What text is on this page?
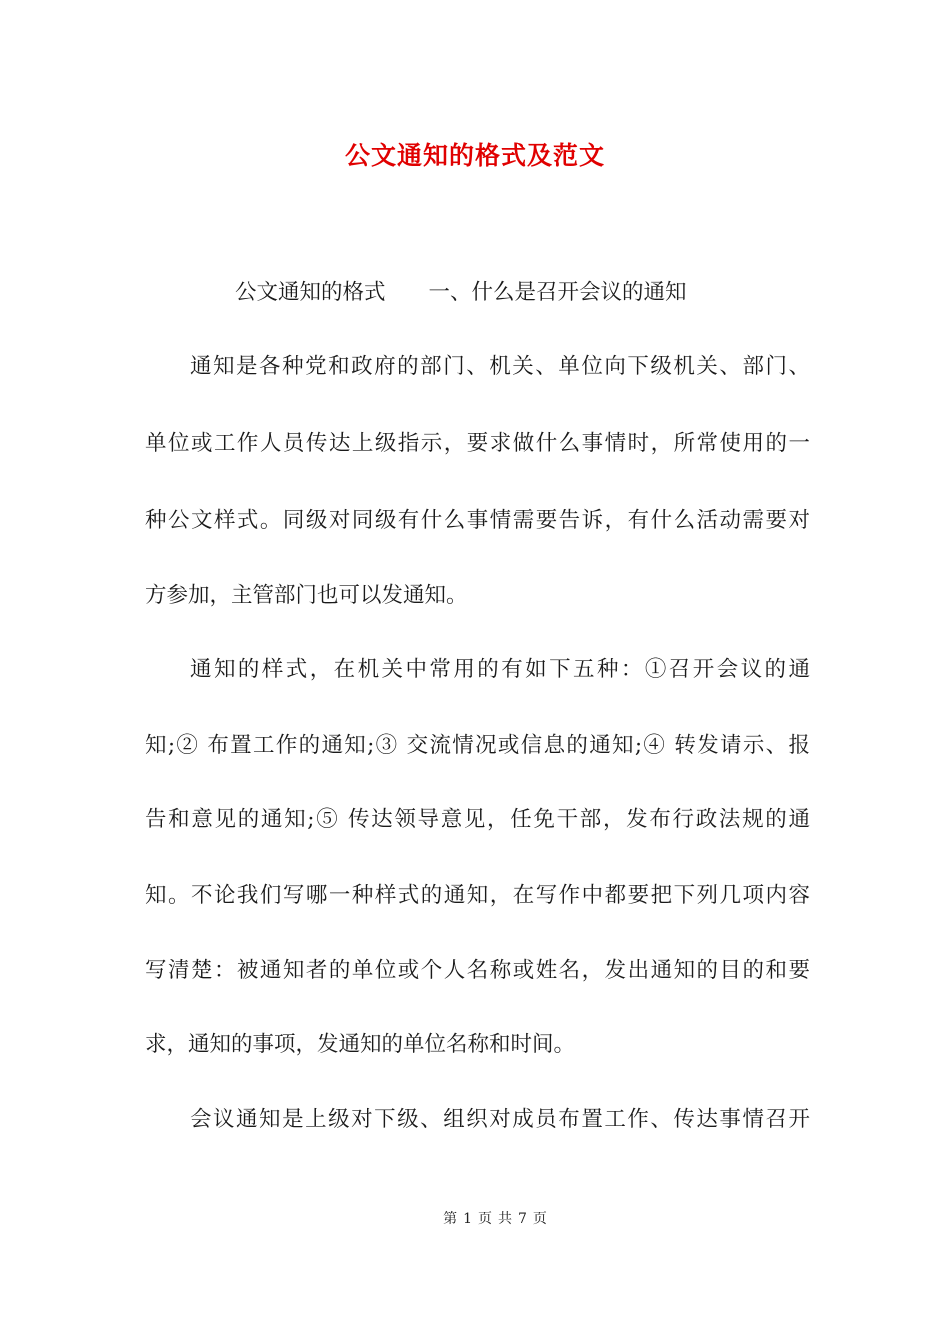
公文通知的格式及范文
公文通知的格式　　一、什么是召开会议的通知
通知是各种党和政府的部门、机关、单位向下级机关、部门、
单位或工作人员传达上级指示，要求做什么事情时，所常使用的一
种公文样式。同级对同级有什么事情需要告诉，有什么活动需要对
方参加，主管部门也可以发通知。
通知的样式，在机关中常用的有如下五种：①召开会议的通
知;② 布置工作的通知;③ 交流情况或信息的通知;④ 转发请示、报
告和意见的通知;⑤ 传达领导意见，任免干部，发布行政法规的通
知。不论我们写哪一种样式的通知，在写作中都要把下列几项内容
写清楚：被通知者的单位或个人名称或姓名，发出通知的目的和要
求，通知的事项，发通知的单位名称和时间。
会议通知是上级对下级、组织对成员布置工作、传达事情召开
第 1 页 共 7 页
